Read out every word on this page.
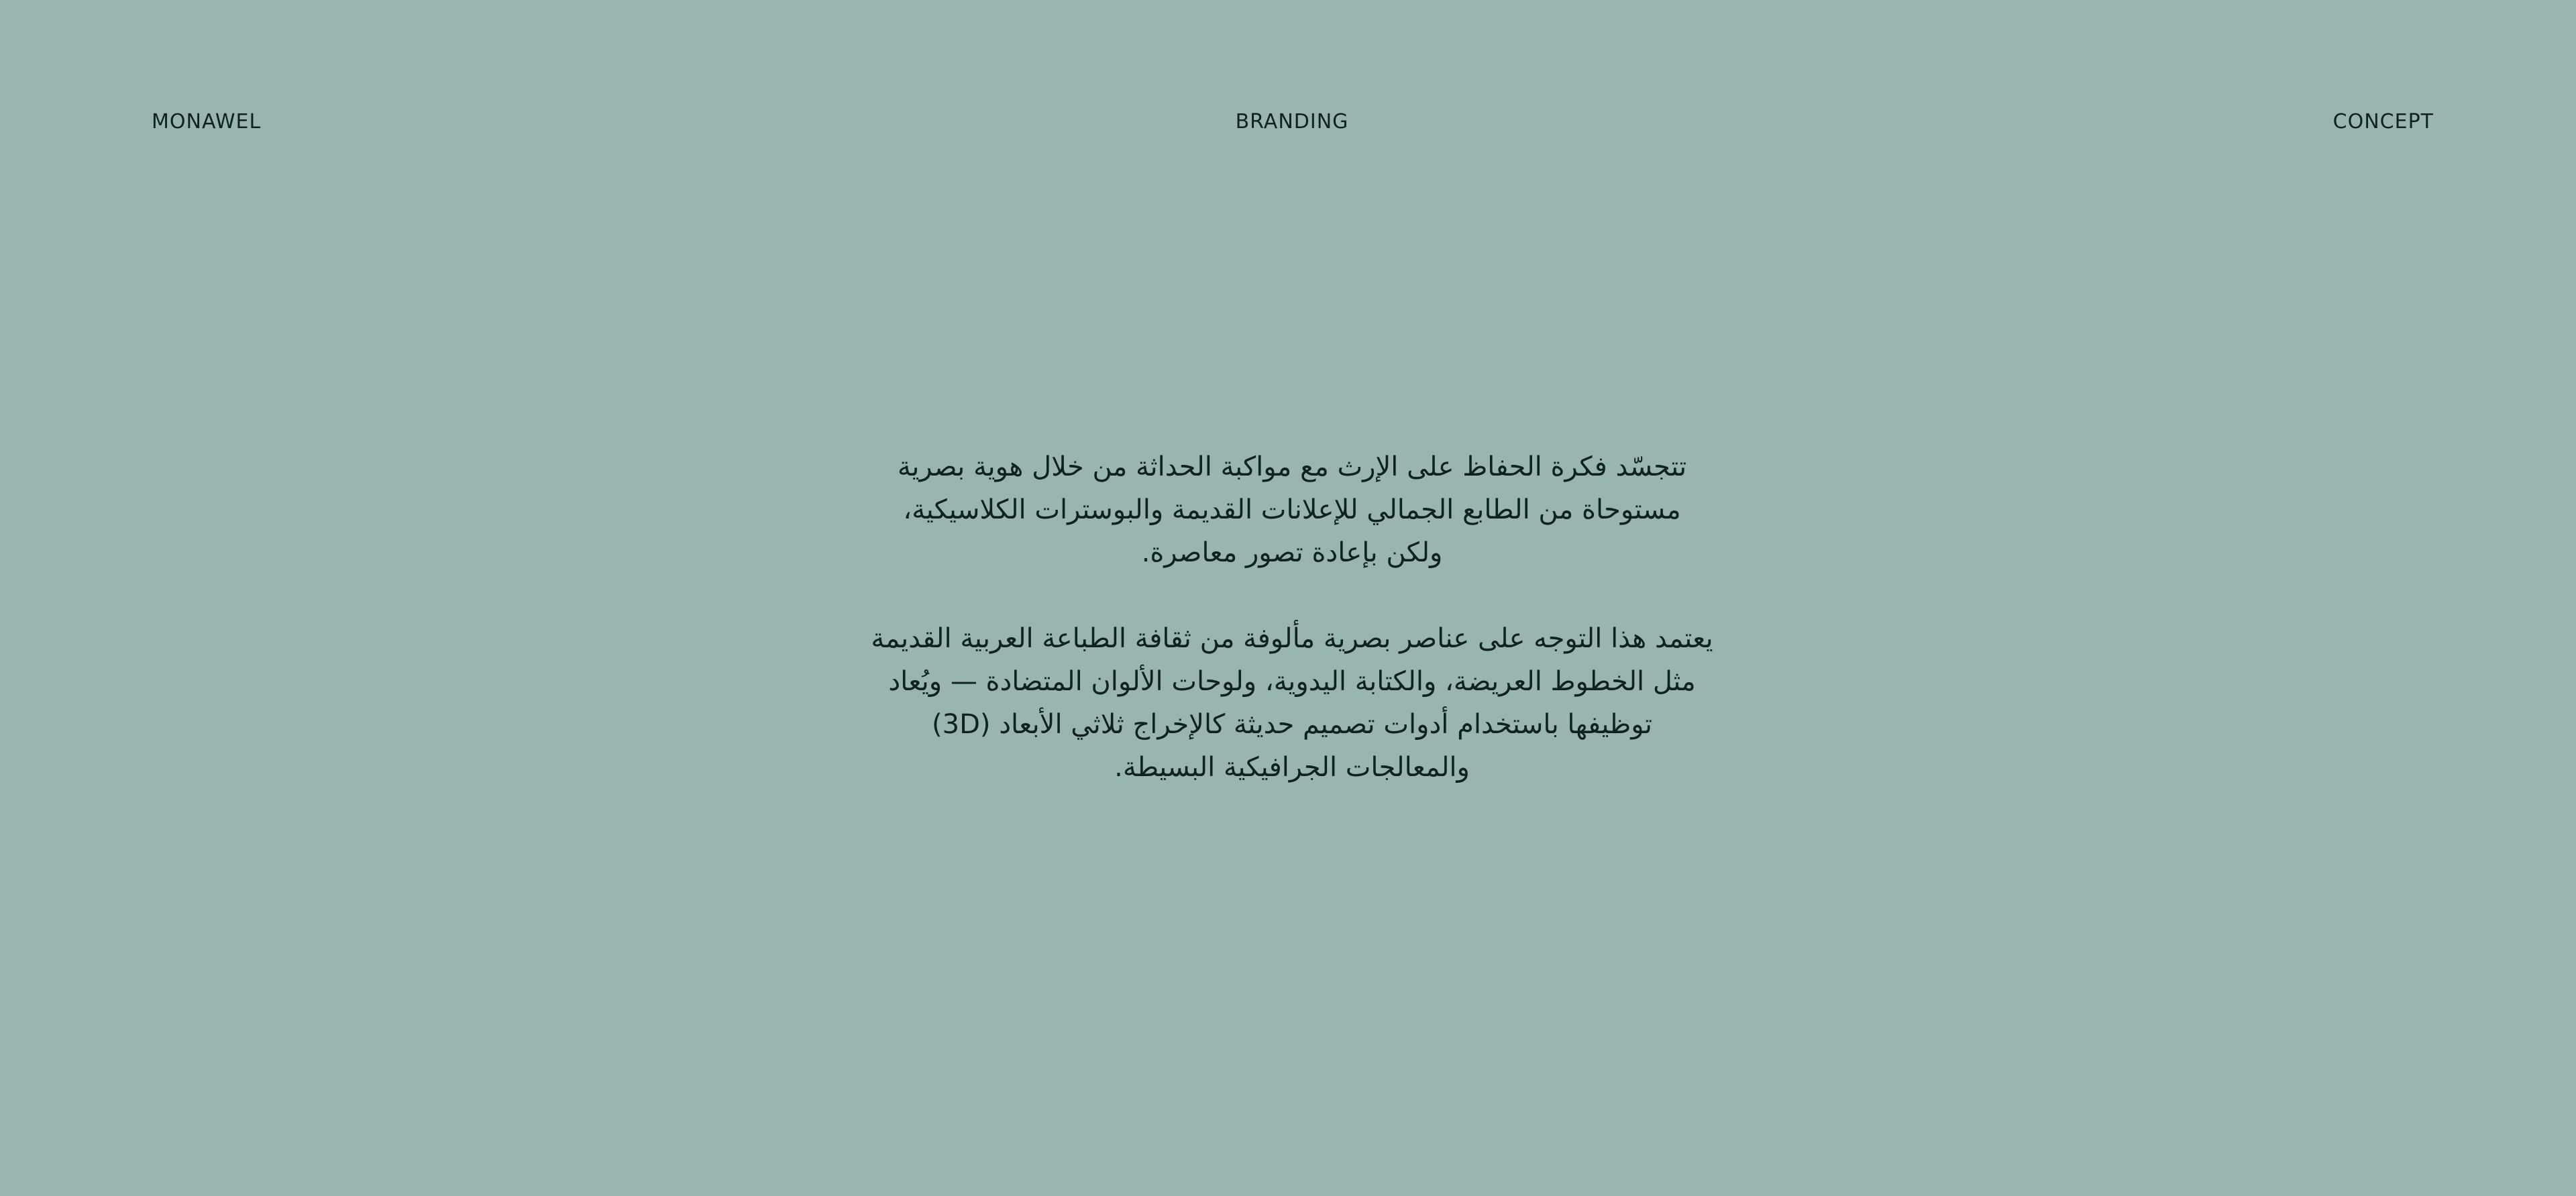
MONAWEL	BRANDING	CONCEPT

تتجسّد فكرة الحفاظ على الإرث مع مواكبة الحداثة من خلال هوية بصرية
مستوحاة من الطابع الجمالي للإعلانات القديمة والبوسترات الكلاسيكية،
ولكن بإعادة تصور معاصرة.

يعتمد هذا التوجه على عناصر بصرية مألوفة من ثقافة الطباعة العربية القديمة
مثل الخطوط العريضة، والكتابة اليدوية، ولوحات الألوان المتضادة — ويُعاد
توظيفها باستخدام أدوات تصميم حديثة كالإخراج ثلاثي الأبعاد (3D)
والمعالجات الجرافيكية البسيطة.
